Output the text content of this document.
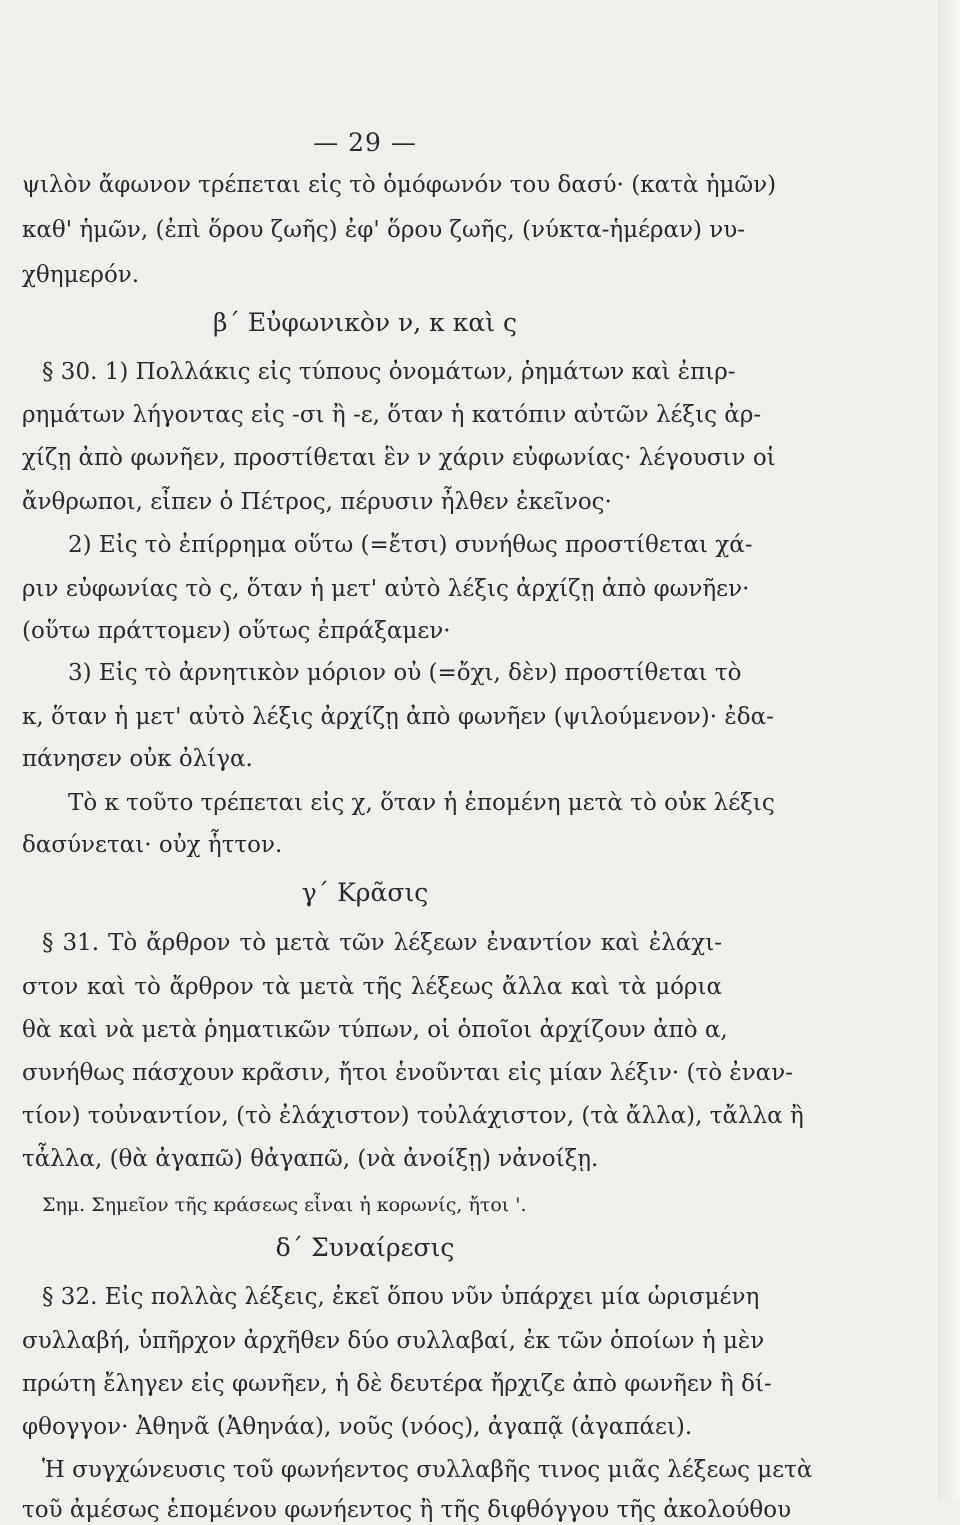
— 29 —
ψιλὸν ἄφωνον τρέπεται εἰς τὸ ὁμόφωνόν του δασύ· (κατὰ ἡμῶν)
καθ' ἡμῶν, (ἐπὶ ὅρου ζωῆς) ἐφ' ὅρου ζωῆς, (νύκτα-ἡμέραν) νυ-
χθημερόν.
β΄ Εὐφωνικὸν ν, κ καὶ ς
§ 30. 1) Πολλάκις εἰς τύπους ὀνομάτων, ῥημάτων καὶ ἐπιρ-
ρημάτων λήγοντας εἰς -σι ἢ -ε, ὅταν ἡ κατόπιν αὐτῶν λέξις ἀρ-
χίζῃ ἀπὸ φωνῆεν, προστίθεται ἓν ν χάριν εὐφωνίας· λέγουσιν οἱ
ἄνθρωποι, εἶπεν ὁ Πέτρος, πέρυσιν ἦλθεν ἐκεῖνος·
2) Εἰς τὸ ἐπίρρημα οὕτω (=ἔτσι) συνήθως προστίθεται χά-
ριν εὐφωνίας τὸ ς, ὅταν ἡ μετ' αὐτὸ λέξις ἀρχίζῃ ἀπὸ φωνῆεν·
(οὕτω πράττομεν) οὕτως ἐπράξαμεν·
3) Εἰς τὸ ἀρνητικὸν μόριον οὐ (=ὄχι, δὲν) προστίθεται τὸ
κ, ὅταν ἡ μετ' αὐτὸ λέξις ἀρχίζῃ ἀπὸ φωνῆεν (ψιλούμενον)· ἐδα-
πάνησεν οὐκ ὀλίγα.
Τὸ κ τοῦτο τρέπεται εἰς χ, ὅταν ἡ ἑπομένη μετὰ τὸ οὐκ λέξις
δασύνεται· οὐχ ἧττον.
γ΄ Κρᾶσις
§ 31. Τὸ ἄρθρον τὸ μετὰ τῶν λέξεων ἐναντίον καὶ ἐλάχι-
στον καὶ τὸ ἄρθρον τὰ μετὰ τῆς λέξεως ἄλλα καὶ τὰ μόρια
θὰ καὶ νὰ μετὰ ῥηματικῶν τύπων, οἱ ὁποῖοι ἀρχίζουν ἀπὸ α,
συνήθως πάσχουν κρᾶσιν, ἤτοι ἑνοῦνται εἰς μίαν λέξιν· (τὸ ἐναν-
τίον) τοὐναντίον, (τὸ ἐλάχιστον) τοὐλάχιστον, (τὰ ἄλλα), τἄλλα ἢ
τἆλλα, (θὰ ἀγαπῶ) θἀγαπῶ, (νὰ ἀνοίξῃ) νἀνοίξῃ.
Σημ. Σημεῖον τῆς κράσεως εἶναι ἡ κορωνίς, ἤτοι '.
δ΄ Συναίρεσις
§ 32. Εἰς πολλὰς λέξεις, ἐκεῖ ὅπου νῦν ὑπάρχει μία ὡρισμένη
συλλαβή, ὑπῆρχον ἀρχῆθεν δύο συλλαβαί, ἐκ τῶν ὁποίων ἡ μὲν
πρώτη ἔληγεν εἰς φωνῆεν, ἡ δὲ δευτέρα ἤρχιζε ἀπὸ φωνῆεν ἢ δί-
φθογγον· Ἀθηνᾶ (Ἀθηνάα), νοῦς (νόος), ἀγαπᾷ (ἀγαπάει).
Ἡ συγχώνευσις τοῦ φωνήεντος συλλαβῆς τινος μιᾶς λέξεως μετὰ
τοῦ ἀμέσως ἑπομένου φωνήεντος ἢ τῆς διφθόγγου τῆς ἀκολούθου
